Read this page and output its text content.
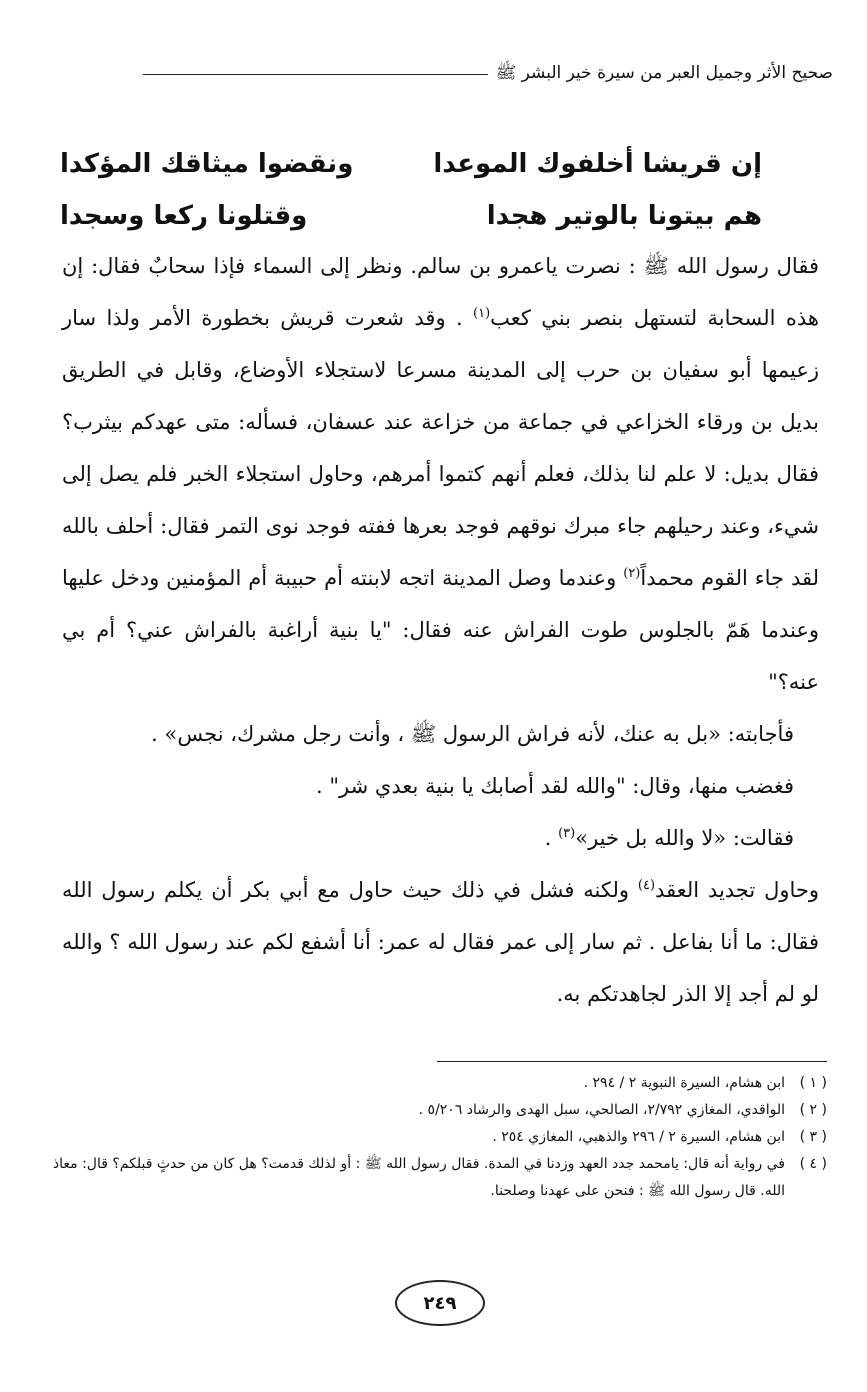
صحيح الأثر وجميل العبر من سيرة خير البشر ﷺ
إن قريشا أخلفوك الموعدا
ونقضوا ميثاقك المؤكدا
هم بيتونا بالوتير هجدا
وقتلونا ركعا وسجدا

فقال رسول الله ﷺ : نصرت ياعمرو بن سالم. ونظر إلى السماء فإذا سحابٌ فقال: إن هذه السحابة لتستهل بنصر بني كعب$^{(١)}$ . وقد شعرت قريش بخطورة الأمر ولذا سار زعيمها أبو سفيان بن حرب إلى المدينة مسرعا لاستجلاء الأوضاع، وقابل في الطريق بديل بن ورقاء الخزاعي في جماعة من خزاعة عند عسفان، فسأله: متى عهدكم بيثرب؟ فقال بديل: لا علم لنا بذلك، فعلم أنهم كتموا أمرهم، وحاول استجلاء الخبر فلم يصل إلى شيء، وعند رحيلهم جاء مبرك نوقهم فوجد بعرها ففته فوجد نوى التمر فقال: أحلف بالله لقد جاء القوم محمداً$^{(٢)}$ وعندما وصل المدينة اتجه لابنته أم حبيبة أم المؤمنين ودخل عليها وعندما هَمّ بالجلوس طوت الفراش عنه فقال: "يا بنية أراغبة بالفراش عني؟ أم بي عنه؟"

فأجابته: «بل به عنك، لأنه فراش الرسول ﷺ ، وأنت رجل مشرك، نجس» .

فغضب منها، وقال: "والله لقد أصابك يا بنية بعدي شر" .

فقالت: «لا والله بل خير»$^{(٣)}$ .

وحاول تجديد العقد$^{(٤)}$ ولكنه فشل في ذلك حيث حاول مع أبي بكر أن يكلم رسول الله فقال: ما أنا بفاعل . ثم سار إلى عمر فقال له عمر: أنا أشفع لكم عند رسول الله ؟ والله لو لم أجد إلا الذر لجاهدتكم به.

( ١ )
ابن هشام، السيرة النبوية ٢ / ٢٩٤ .
( ٢ )
الواقدي، المغازي ٢/٧٩٢، الصالحي، سبل الهدى والرشاد ٥/٢٠٦ .
( ٣ )
ابن هشام، السيرة ٢ / ٢٩٦ والذهبي، المغازي ٢٥٤ .
( ٤ )
في رواية أنه قال: يامحمد جدد العهد وزدنا في المدة. فقال رسول الله ﷺ : أو لذلك قدمت؟ هل كان من حدثٍ قبلكم؟ قال: معاذ الله. قال رسول الله ﷺ : فنحن على عهدنا وصلحنا.
٢٤٩
